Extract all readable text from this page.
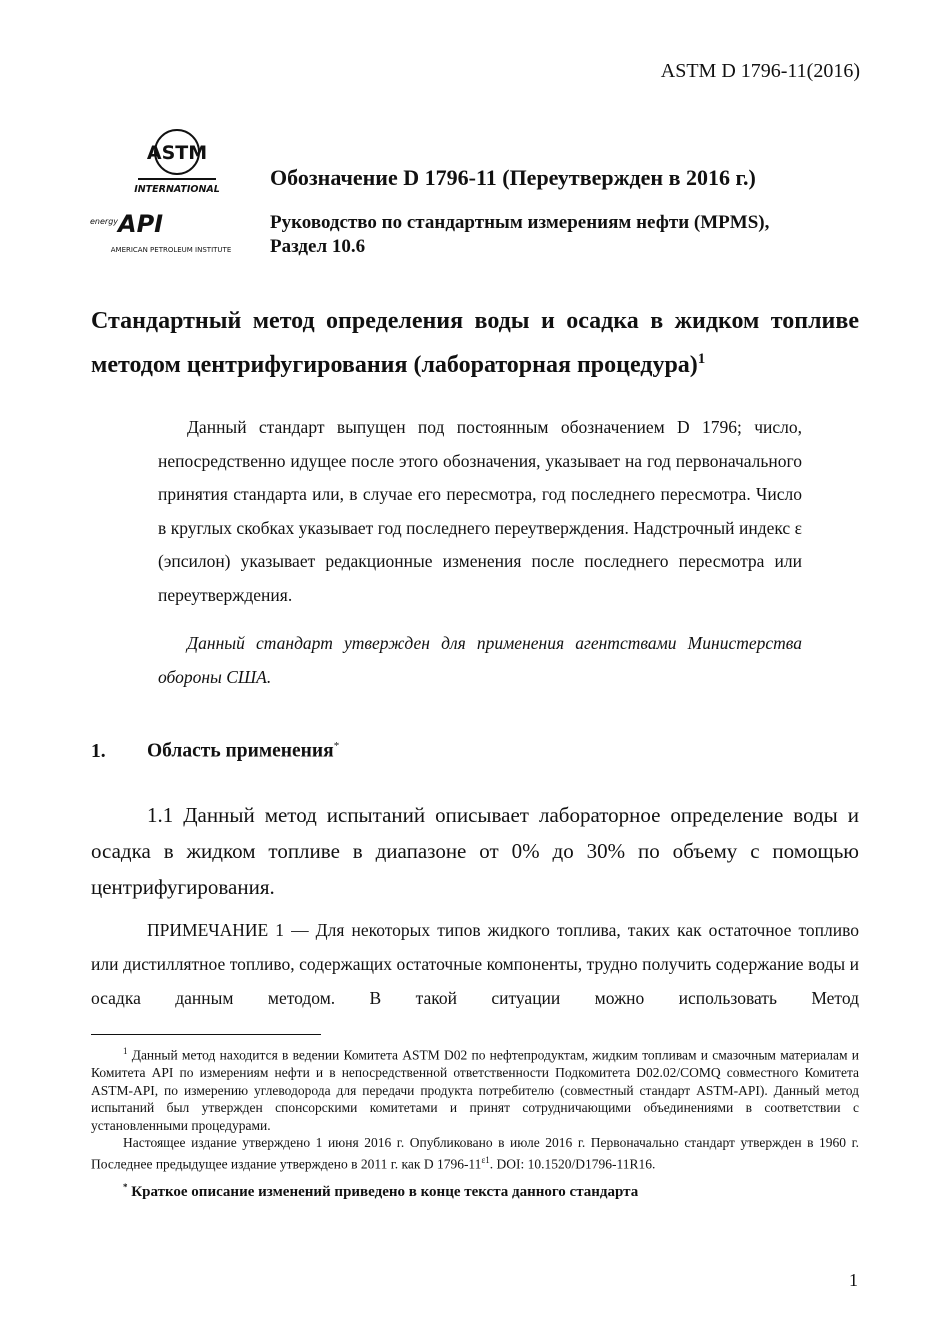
ASTM D 1796-11(2016)
ASTM
INTERNATIONAL
energy API
AMERICAN PETROLEUM INSTITUTE
Обозначение D 1796-11 (Переутвержден в 2016 г.)
Руководство по стандартным измерениям нефти (MPMS),
Раздел 10.6
Стандартный метод определения воды и осадка в жидком топливе методом центрифугирования (лабораторная процедура)$^1$

Данный стандарт выпущен под постоянным обозначением D 1796; число, непосредственно идущее после этого обозначения, указывает на год первоначального принятия стандарта или, в случае его пересмотра, год последнего пересмотра. Число в круглых скобках указывает год последнего переутверждения. Надстрочный индекс ε (эпсилон) указывает редакционные изменения после последнего пересмотра или переутверждения.

Данный стандарт утвержден для применения агентствами Министерства обороны США.

1. Область применения*

1.1 Данный метод испытаний описывает лабораторное определение воды и осадка в жидком топливе в диапазоне от 0% до 30% по объему с помощью центрифугирования.

ПРИМЕЧАНИЕ 1 — Для некоторых типов жидкого топлива, таких как остаточное топливо или дистиллятное топливо, содержащих остаточные компоненты, трудно получить содержание воды и осадка данным методом. В такой ситуации можно использовать Метод

$^1$ Данный метод находится в ведении Комитета ASTM D02 по нефтепродуктам, жидким топливам и смазочным материалам и Комитета API по измерениям нефти и в непосредственной ответственности Подкомитета D02.02/COMQ совместного Комитета ASTM-API, по измерению углеводорода для передачи продукта потребителю (совместный стандарт ASTM-API). Данный метод испытаний был утвержден спонсорскими комитетами и принят сотрудничающими объединениями в соответствии с установленными процедурами.

Настоящее издание утверждено 1 июня 2016 г. Опубликовано в июле 2016 г. Первоначально стандарт утвержден в 1960 г. Последнее предыдущее издание утверждено в 2011 г. как D 1796-11$^{\varepsilon 1}$. DOI: 10.1520/D1796-11R16.

* Краткое описание изменений приведено в конце текста данного стандарта

1
